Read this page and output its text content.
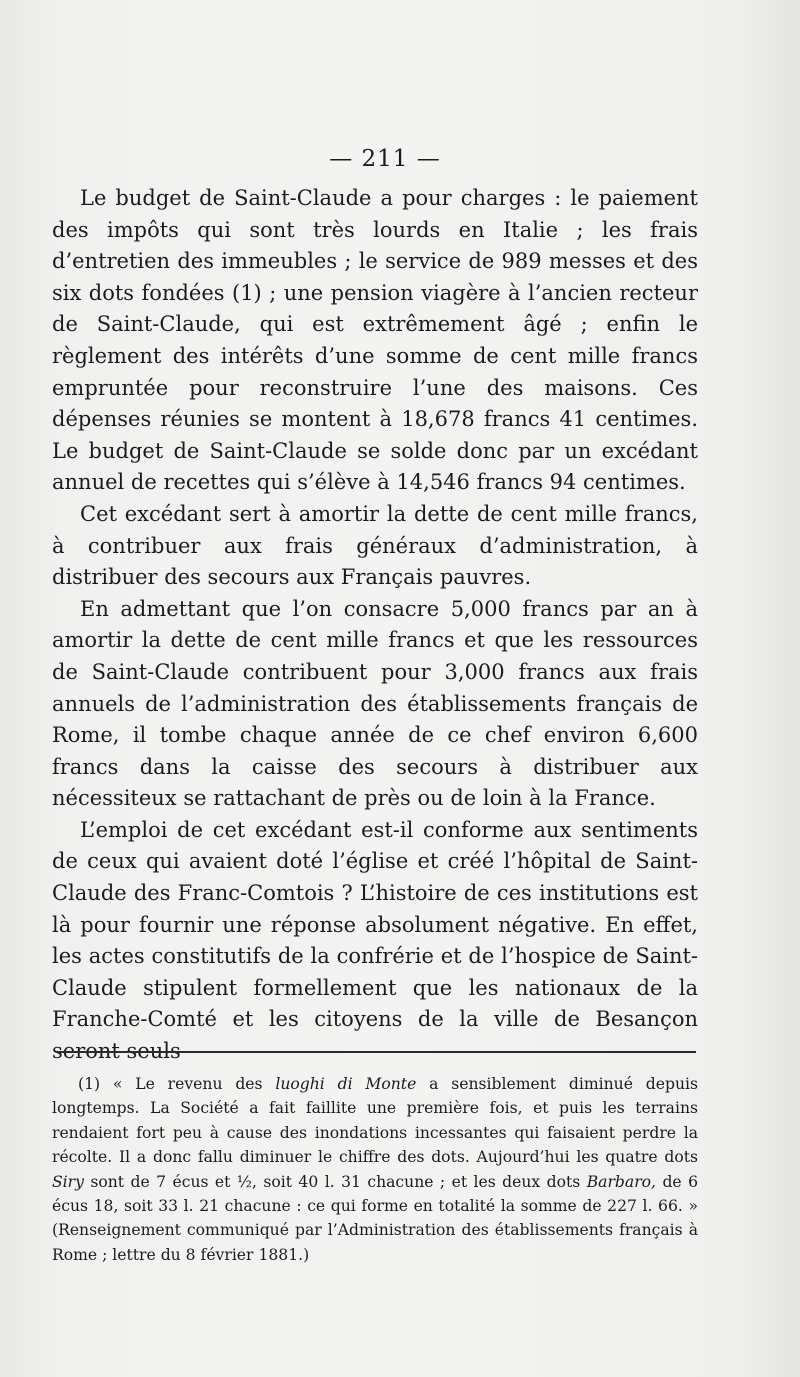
— 211 —

Le budget de Saint-Claude a pour charges : le paiement des impôts qui sont très lourds en Italie ; les frais d’entretien des immeubles ; le service de 989 messes et des six dots fondées (1) ; une pension viagère à l’ancien recteur de Saint-Claude, qui est extrêmement âgé ; enfin le règlement des intérêts d’une somme de cent mille francs empruntée pour reconstruire l’une des maisons. Ces dépenses réunies se montent à 18,678 francs 41 centimes. Le budget de Saint-Claude se solde donc par un excédant annuel de recettes qui s’élève à 14,546 francs 94 centimes.

Cet excédant sert à amortir la dette de cent mille francs, à contribuer aux frais généraux d’administration, à distribuer des secours aux Français pauvres.

En admettant que l’on consacre 5,000 francs par an à amortir la dette de cent mille francs et que les ressources de Saint-Claude contribuent pour 3,000 francs aux frais annuels de l’administration des établissements français de Rome, il tombe chaque année de ce chef environ 6,600 francs dans la caisse des secours à distribuer aux nécessiteux se rattachant de près ou de loin à la France.

L’emploi de cet excédant est-il conforme aux sentiments de ceux qui avaient doté l’église et créé l’hôpital de Saint-Claude des Franc-Comtois ? L’histoire de ces institutions est là pour fournir une réponse absolument négative. En effet, les actes constitutifs de la confrérie et de l’hospice de Saint-Claude stipulent formellement que les nationaux de la Franche-Comté et les citoyens de la ville de Besançon seront seuls

(1) « Le revenu des luoghi di Monte a sensiblement diminué depuis longtemps. La Société a fait faillite une première fois, et puis les terrains rendaient fort peu à cause des inondations incessantes qui faisaient perdre la récolte. Il a donc fallu diminuer le chiffre des dots. Aujourd’hui les quatre dots Siry sont de 7 écus et ½, soit 40 l. 31 chacune ; et les deux dots Barbaro, de 6 écus 18, soit 33 l. 21 chacune : ce qui forme en totalité la somme de 227 l. 66. » (Renseignement communiqué par l’Administration des établissements français à Rome ; lettre du 8 février 1881.)
